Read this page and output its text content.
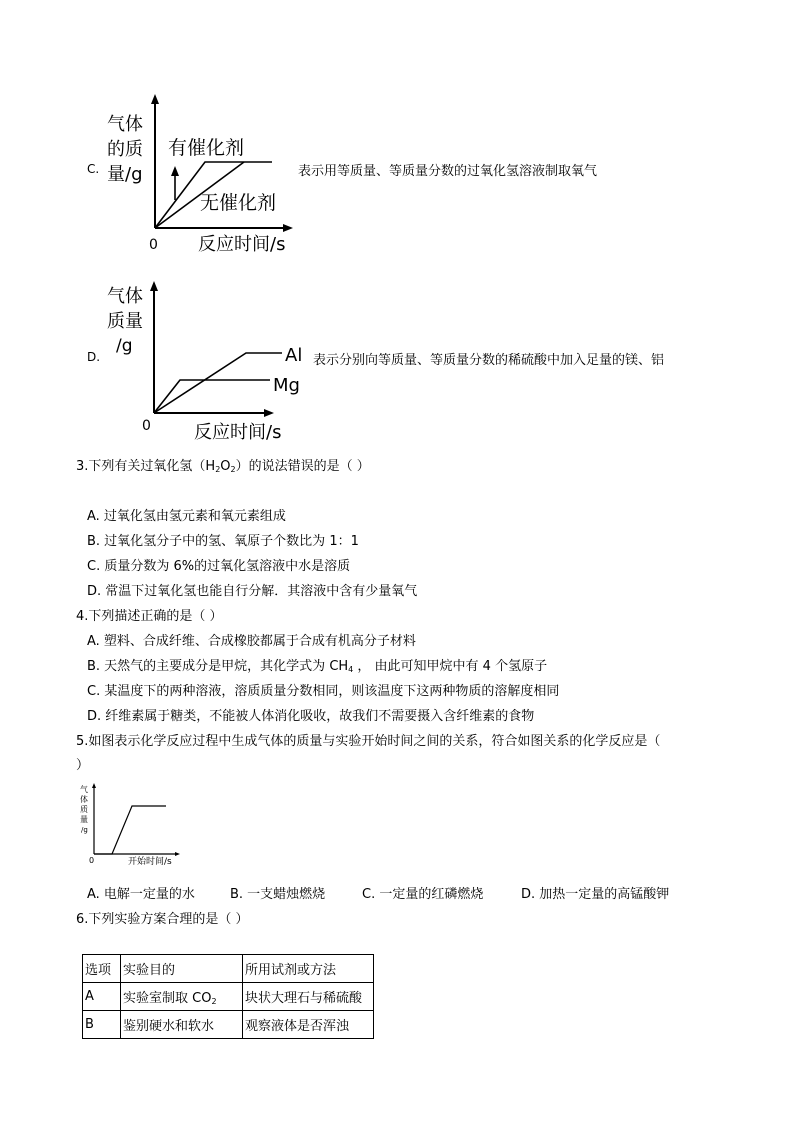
C.
气体
的质
量/g
有催化剂
无催化剂
0 反应时间/s
表示用等质量、等质量分数的过氧化氢溶液制取氧气
D.
气体
质量
/g	Al
Mg
0 反应时间/s
表示分别向等质量、等质量分数的稀硫酸中加入足量的镁、铝
3.下列有关过氧化氢$(H_2O_2)$的说法错误的是（ ）
A. 过氧化氢由氢元素和氧元素组成
B. 过氧化氢分子中的氢、氧原子个数比为 1：1
C. 质量分数为 6%的过氧化氢溶液中水是溶质
D. 常温下过氧化氢也能自行分解．其溶液中含有少量氧气
4.下列描述正确的是（ ）
A. 塑料、合成纤维、合成橡胶都属于合成有机高分子材料
B. 天然气的主要成分是甲烷，其化学式为 $CH_4$ ， 由此可知甲烷中有 4 个氢原子
C. 某温度下的两种溶液，溶质质量分数相同，则该温度下这两种物质的溶解度相同
D. 纤维素属于糖类，不能被人体消化吸收，故我们不需要摄入含纤维素的食物
5.如图表示化学反应过程中生成气体的质量与实验开始时间之间的关系，符合如图关系的化学反应是（
）
气
体
质
量
/g
0	开始时间/s
A. 电解一定量的水	B. 一支蜡烛燃烧	C. 一定量的红磷燃烧	D. 加热一定量的高锰酸钾
6.下列实验方案合理的是（ ）
选项	实验目的	所用试剂或方法
A	实验室制取 $CO_2$	块状大理石与稀硫酸
B	鉴别硬水和软水	观察液体是否浑浊
